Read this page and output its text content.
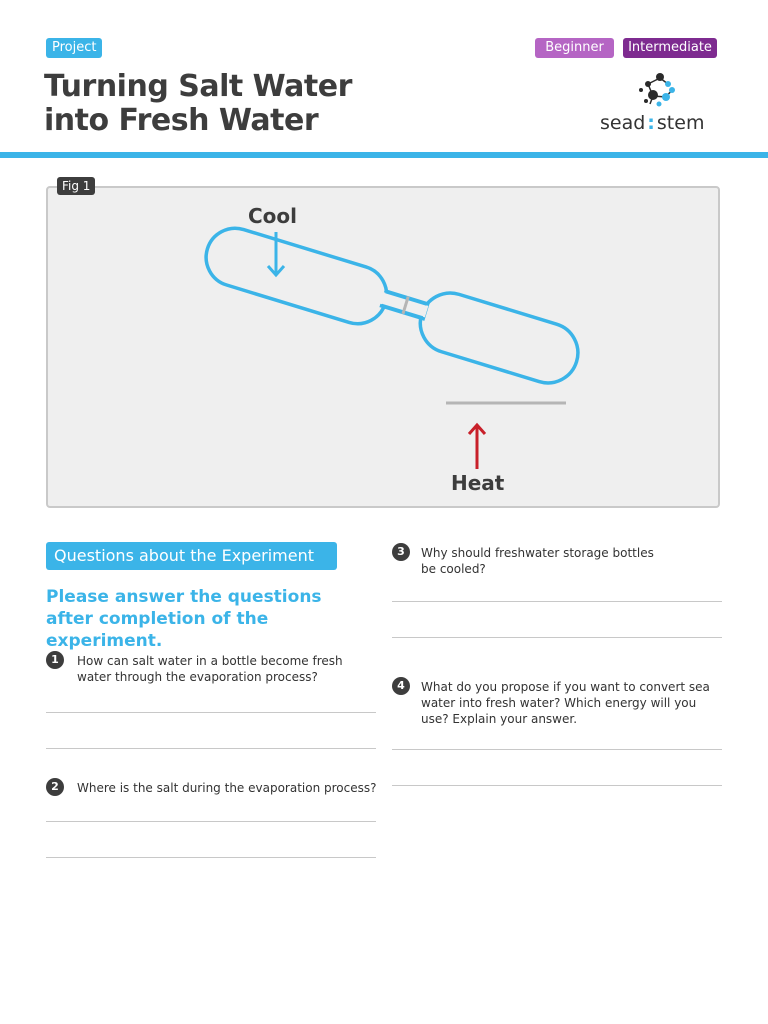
Project	Beginner	Intermediate
Turning Salt Water
into Fresh Water	sead : stem
Cool
Heat
Fig 1
Questions about the Experiment

Please answer the questions after completion of the experiment.

1	How can salt water in a bottle become fresh water through the evaporation process?
2	Where is the salt during the evaporation process?
3	Why should freshwater storage bottles be cooled?
4	What do you propose if you want to convert sea water into fresh water? Which energy will you use? Explain your answer.
